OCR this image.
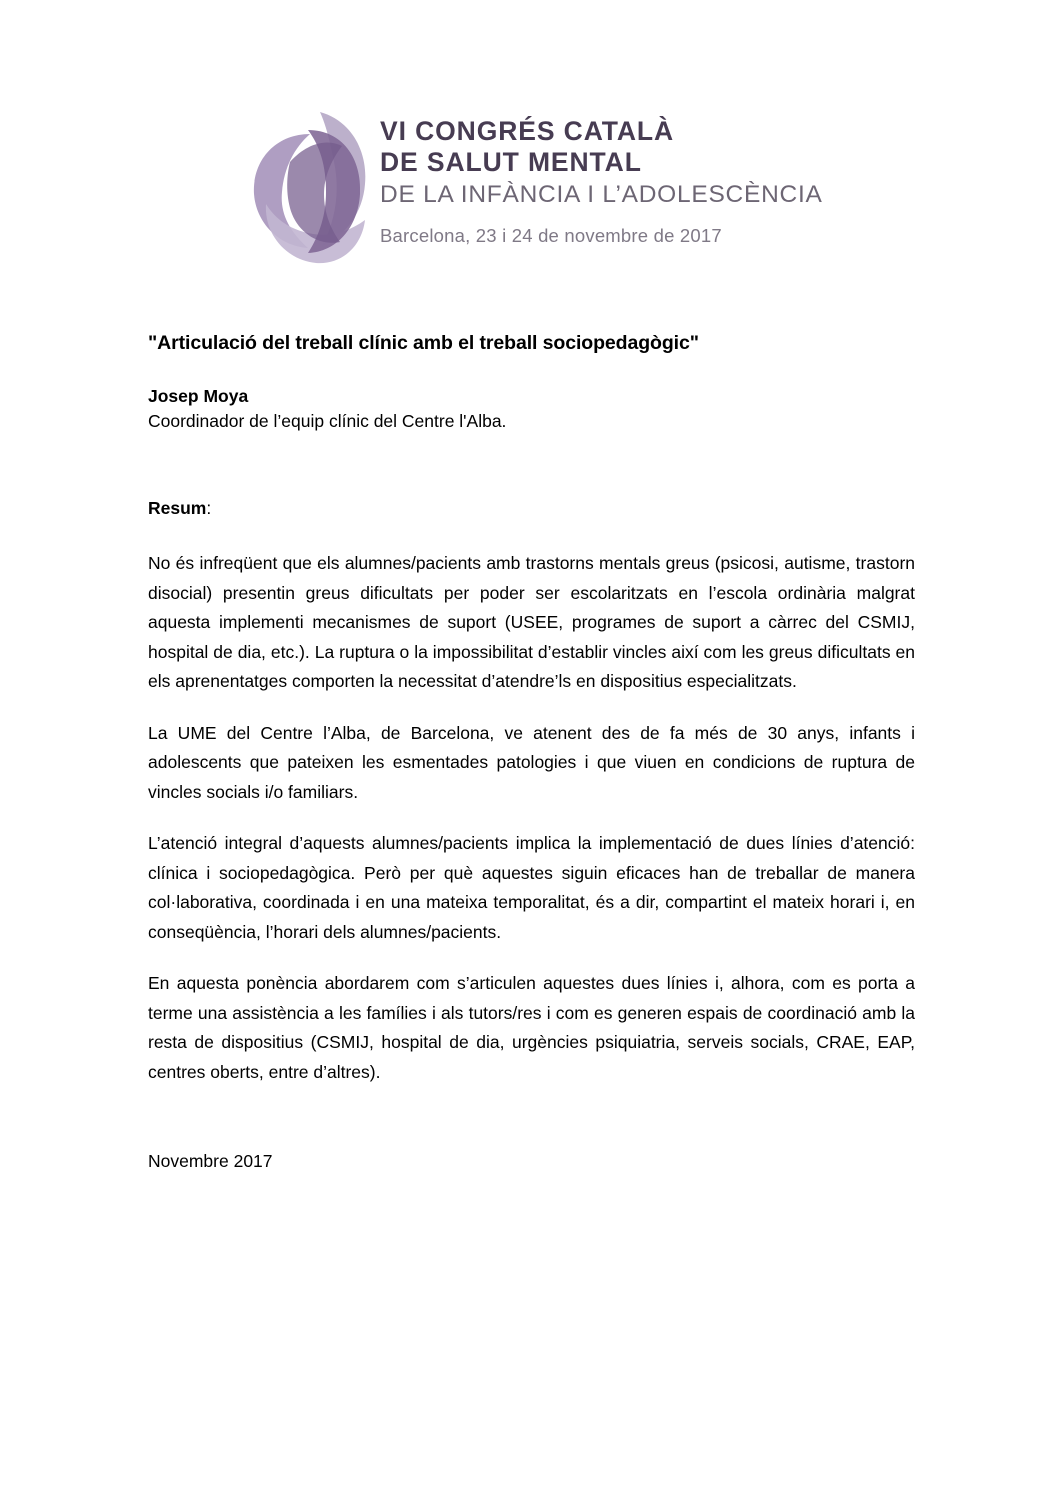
VI CONGRÉS CATALÀ
DE SALUT MENTAL
DE LA INFÀNCIA I L’ADOLESCÈNCIA
Barcelona, 23 i 24 de novembre de 2017
"Articulació del treball clínic amb el treball sociopedagògic"

Josep Moya

Coordinador de l’equip clínic del Centre l'Alba.

Resum:

No és infreqüent que els alumnes/pacients amb trastorns mentals greus (psicosi, autisme, trastorn disocial) presentin greus dificultats per poder ser escolaritzats en l’escola ordinària malgrat aquesta implementi mecanismes de suport (USEE, programes de suport a càrrec del CSMIJ, hospital de dia, etc.). La ruptura o la impossibilitat d’establir vincles així com les greus dificultats en els aprenentatges comporten la necessitat d’atendre’ls en dispositius especialitzats.

La UME del Centre l’Alba, de Barcelona, ve atenent des de fa més de 30 anys, infants i adolescents que pateixen les esmentades patologies i que viuen en condicions de ruptura de vincles socials i/o familiars.

L’atenció integral d’aquests alumnes/pacients implica la implementació de dues línies d’atenció: clínica i sociopedagògica. Però per què aquestes siguin eficaces han de treballar de manera col·laborativa, coordinada i en una mateixa temporalitat, és a dir, compartint el mateix horari i, en conseqüència, l’horari dels alumnes/pacients.

En aquesta ponència abordarem com s’articulen aquestes dues línies i, alhora, com es porta a terme una assistència a les famílies i als tutors/res i com es generen espais de coordinació amb la resta de dispositius (CSMIJ, hospital de dia, urgències psiquiatria, serveis socials, CRAE, EAP, centres oberts, entre d’altres).

Novembre 2017
